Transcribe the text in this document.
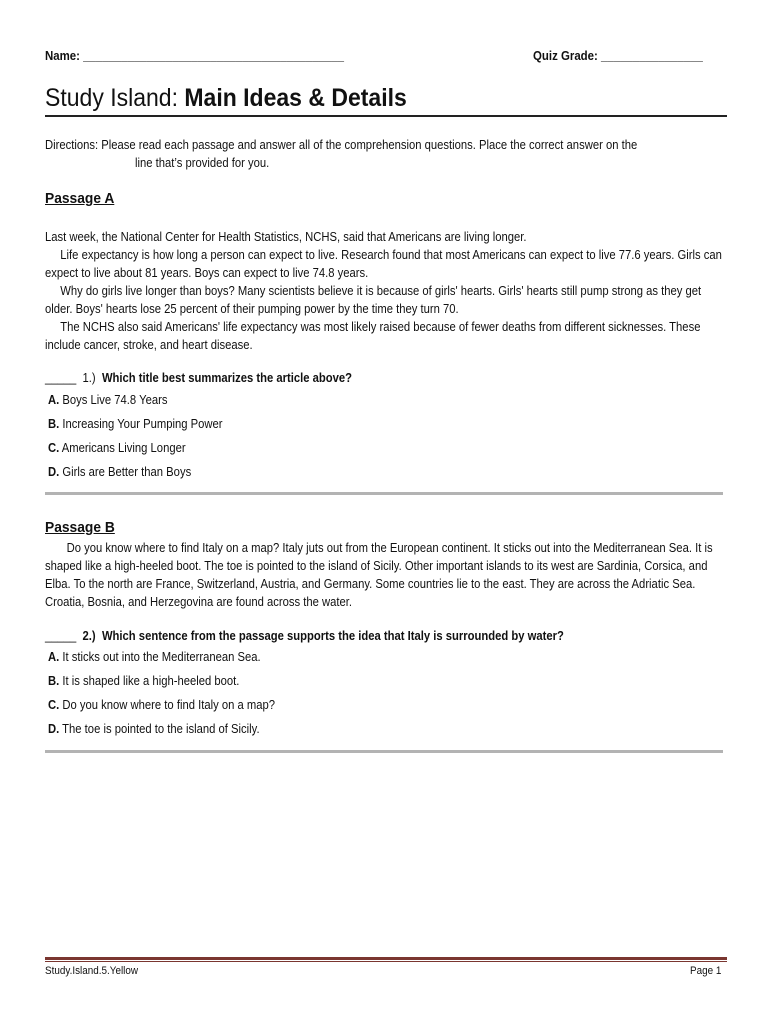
Name: _________________________________________	Quiz Grade: ________________
Study Island: Main Ideas & Details
Directions: Please read each passage and answer all of the comprehension questions. Place the correct answer on the
line that’s provided for you.
Passage A

Last week, the National Center for Health Statistics, NCHS, said that Americans are living longer.

Life expectancy is how long a person can expect to live. Research found that most Americans can expect to live 77.6 years. Girls can expect to live about 81 years. Boys can expect to live 74.8 years.

Why do girls live longer than boys? Many scientists believe it is because of girls' hearts. Girls' hearts still pump strong as they get older. Boys' hearts lose 25 percent of their pumping power by the time they turn 70.

The NCHS also said Americans' life expectancy was most likely raised because of fewer deaths from different sicknesses. These include cancer, stroke, and heart disease.

_____ 1.) Which title best summarizes the article above?
A. Boys Live 74.8 Years
B. Increasing Your Pumping Power
C. Americans Living Longer
D. Girls are Better than Boys
Passage B

Do you know where to find Italy on a map? Italy juts out from the European continent. It sticks out into the Mediterranean Sea. It is shaped like a high-heeled boot. The toe is pointed to the island of Sicily. Other important islands to its west are Sardinia, Corsica, and Elba. To the north are France, Switzerland, Austria, and Germany. Some countries lie to the east. They are across the Adriatic Sea. Croatia, Bosnia, and Herzegovina are found across the water.

_____ 2.) Which sentence from the passage supports the idea that Italy is surrounded by water?
A. It sticks out into the Mediterranean Sea.
B. It is shaped like a high-heeled boot.
C. Do you know where to find Italy on a map?
D. The toe is pointed to the island of Sicily.
Study.Island.5.Yellow	Page 1
